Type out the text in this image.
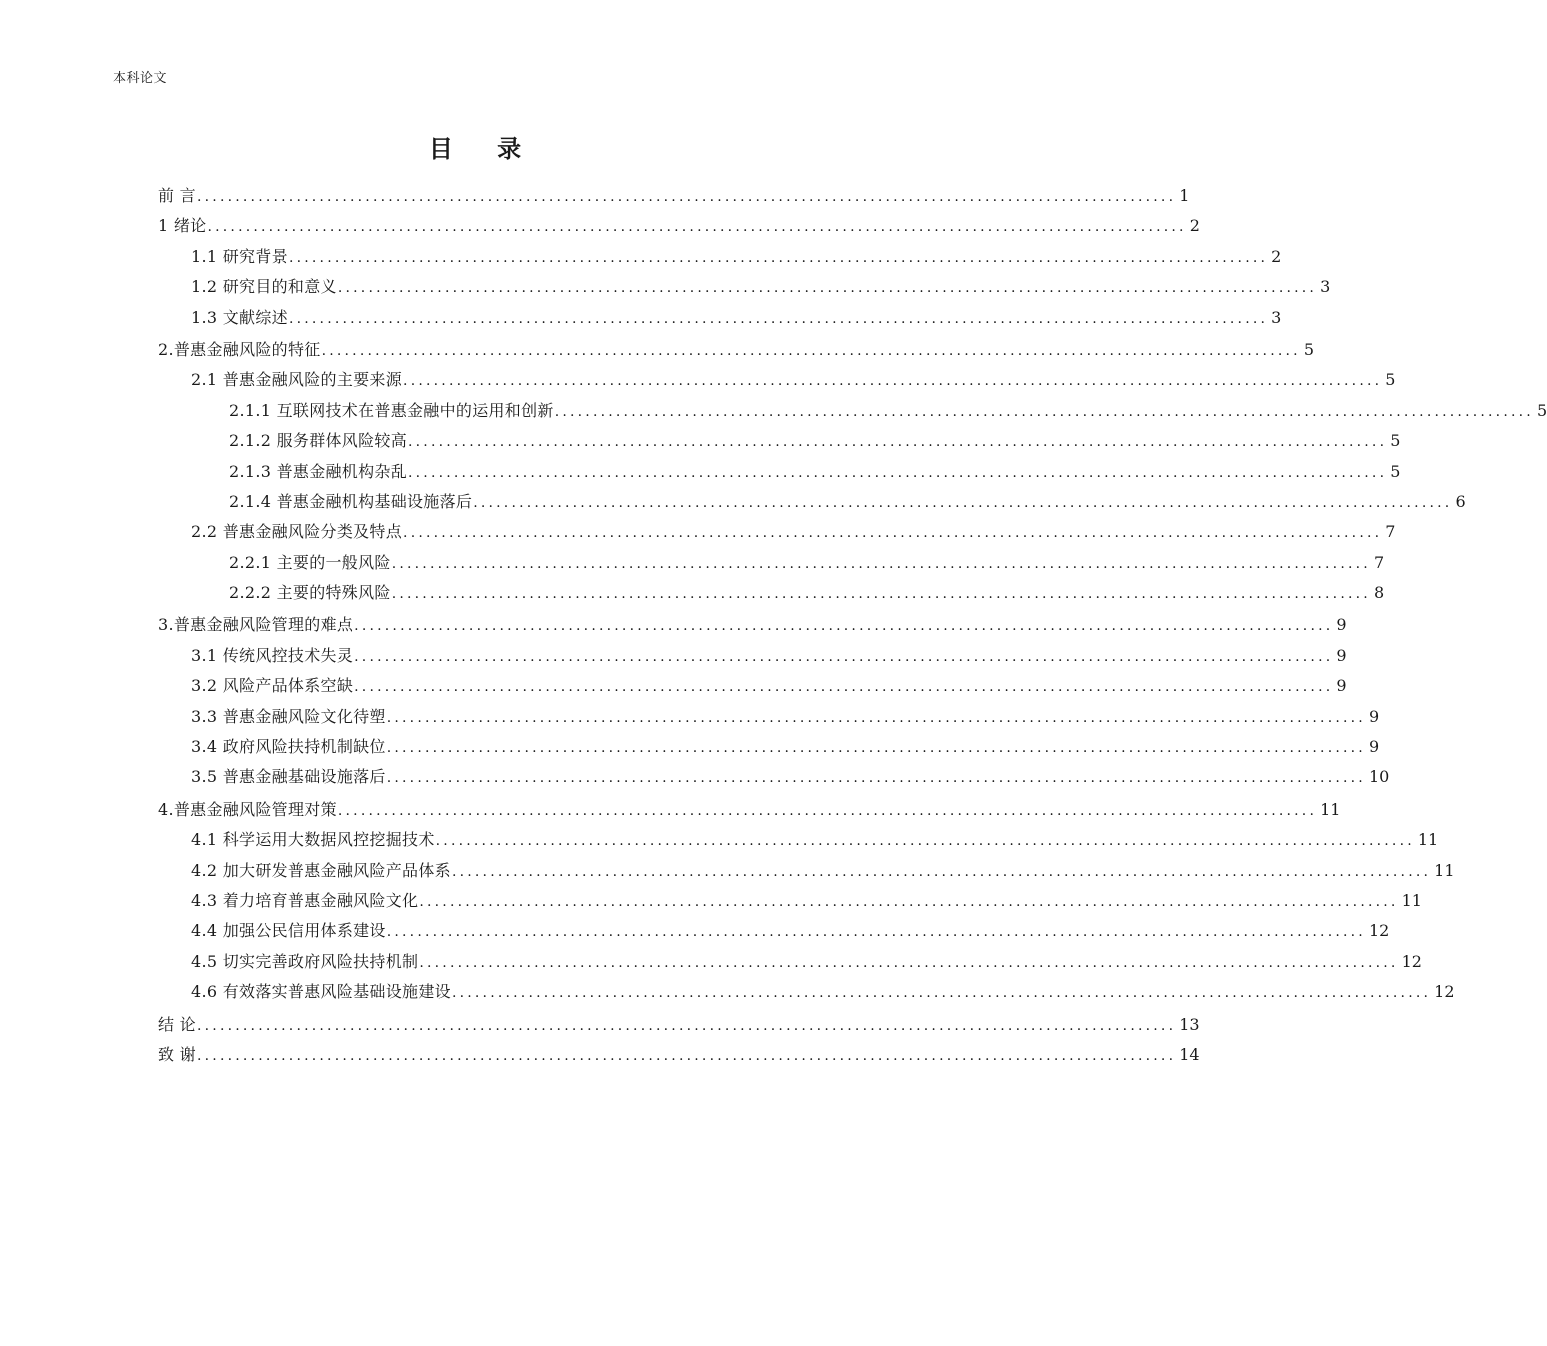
本科论文
目 录
前 言 ................................................................................................................................ 1
1 绪论 ................................................................................................................................ 2
1.1 研究背景 ................................................................................................................................ 2
1.2 研究目的和意义 ................................................................................................................................ 3
1.3 文献综述 ................................................................................................................................ 3
2.普惠金融风险的特征 ................................................................................................................................ 5
2.1 普惠金融风险的主要来源 ................................................................................................................................ 5
2.1.1 互联网技术在普惠金融中的运用和创新 ................................................................................................................................ 5
2.1.2 服务群体风险较高 ................................................................................................................................ 5
2.1.3 普惠金融机构杂乱 ................................................................................................................................ 5
2.1.4 普惠金融机构基础设施落后 ................................................................................................................................ 6
2.2 普惠金融风险分类及特点 ................................................................................................................................ 7
2.2.1 主要的一般风险 ................................................................................................................................ 7
2.2.2 主要的特殊风险 ................................................................................................................................ 8
3.普惠金融风险管理的难点 ................................................................................................................................ 9
3.1 传统风控技术失灵 ................................................................................................................................ 9
3.2 风险产品体系空缺 ................................................................................................................................ 9
3.3 普惠金融风险文化待塑 ................................................................................................................................ 9
3.4 政府风险扶持机制缺位 ................................................................................................................................ 9
3.5 普惠金融基础设施落后 ................................................................................................................................ 10
4.普惠金融风险管理对策 ................................................................................................................................ 11
4.1 科学运用大数据风控挖掘技术 ................................................................................................................................ 11
4.2 加大研发普惠金融风险产品体系 ................................................................................................................................ 11
4.3 着力培育普惠金融风险文化 ................................................................................................................................ 11
4.4 加强公民信用体系建设 ................................................................................................................................ 12
4.5 切实完善政府风险扶持机制 ................................................................................................................................ 12
4.6 有效落实普惠风险基础设施建设 ................................................................................................................................ 12
结 论 ................................................................................................................................ 13
致 谢 ................................................................................................................................ 14
